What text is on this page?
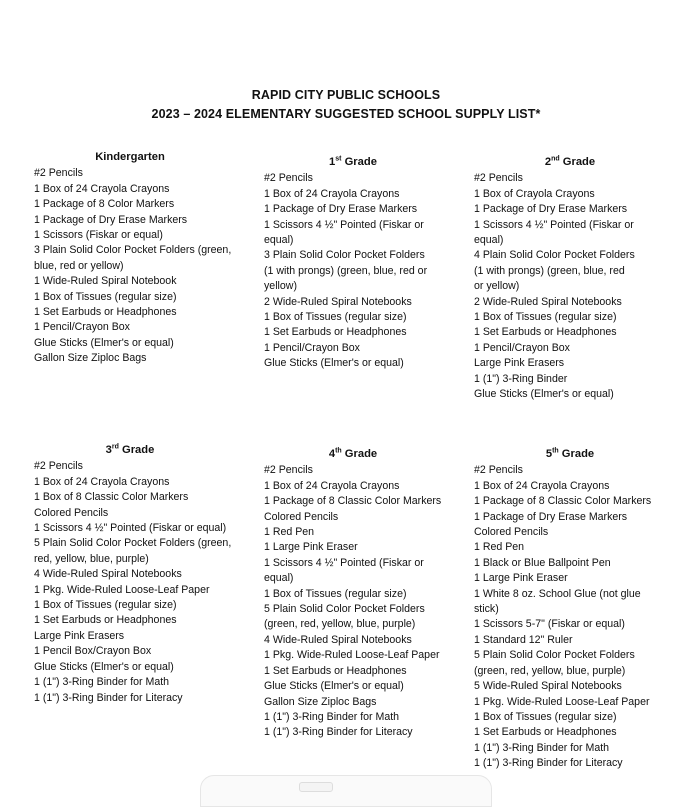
RAPID CITY PUBLIC SCHOOLS
2023 – 2024 ELEMENTARY SUGGESTED SCHOOL SUPPLY LIST*
Kindergarten
#2 Pencils
1 Box of 24 Crayola Crayons
1 Package of 8 Color Markers
1 Package of Dry Erase Markers
1 Scissors (Fiskar or equal)
3 Plain Solid Color Pocket Folders (green,
blue, red or yellow)
1 Wide-Ruled Spiral Notebook
1 Box of Tissues (regular size)
1 Set Earbuds or Headphones
1 Pencil/Crayon Box
Glue Sticks (Elmer's or equal)
Gallon Size Ziploc Bags
1st Grade
#2 Pencils
1 Box of 24 Crayola Crayons
1 Package of Dry Erase Markers
1 Scissors 4 ½" Pointed (Fiskar or
equal)
3 Plain Solid Color Pocket Folders
(1 with prongs) (green, blue, red or
yellow)
2 Wide-Ruled Spiral Notebooks
1 Box of Tissues (regular size)
1 Set Earbuds or Headphones
1 Pencil/Crayon Box
Glue Sticks (Elmer's or equal)
2nd Grade
#2 Pencils
1 Box of Crayola Crayons
1 Package of Dry Erase Markers
1 Scissors 4 ½" Pointed (Fiskar or
equal)
4 Plain Solid Color Pocket Folders
(1 with prongs) (green, blue, red
or yellow)
2 Wide-Ruled Spiral Notebooks
1 Box of Tissues (regular size)
1 Set Earbuds or Headphones
1 Pencil/Crayon Box
Large Pink Erasers
1 (1") 3-Ring Binder
Glue Sticks (Elmer's or equal)
3rd Grade
#2 Pencils
1 Box of 24 Crayola Crayons
1 Box of 8 Classic Color Markers
Colored Pencils
1 Scissors 4 ½" Pointed (Fiskar or equal)
5 Plain Solid Color Pocket Folders (green,
red, yellow, blue, purple)
4 Wide-Ruled Spiral Notebooks
1 Pkg. Wide-Ruled Loose-Leaf Paper
1 Box of Tissues (regular size)
1 Set Earbuds or Headphones
Large Pink Erasers
1 Pencil Box/Crayon Box
Glue Sticks (Elmer's or equal)
1 (1") 3-Ring Binder for Math
1 (1") 3-Ring Binder for Literacy
4th Grade
#2 Pencils
1 Box of 24 Crayola Crayons
1 Package of 8 Classic Color Markers
Colored Pencils
1 Red Pen
1 Large Pink Eraser
1 Scissors 4 ½" Pointed (Fiskar or
equal)
1 Box of Tissues (regular size)
5 Plain Solid Color Pocket Folders
(green, red, yellow, blue, purple)
4 Wide-Ruled Spiral Notebooks
1 Pkg. Wide-Ruled Loose-Leaf Paper
1 Set Earbuds or Headphones
Glue Sticks (Elmer's or equal)
Gallon Size Ziploc Bags
1 (1") 3-Ring Binder for Math
1 (1") 3-Ring Binder for Literacy
5th Grade
#2 Pencils
1 Box of 24 Crayola Crayons
1 Package of 8 Classic Color Markers
1 Package of Dry Erase Markers
Colored Pencils
1 Red Pen
1 Black or Blue Ballpoint Pen
1 Large Pink Eraser
1 White 8 oz. School Glue (not glue
stick)
1 Scissors 5-7" (Fiskar or equal)
1 Standard 12" Ruler
5 Plain Solid Color Pocket Folders
(green, red, yellow, blue, purple)
5 Wide-Ruled Spiral Notebooks
1 Pkg. Wide-Ruled Loose-Leaf Paper
1 Box of Tissues (regular size)
1 Set Earbuds or Headphones
1 (1") 3-Ring Binder for Math
1 (1") 3-Ring Binder for Literacy
